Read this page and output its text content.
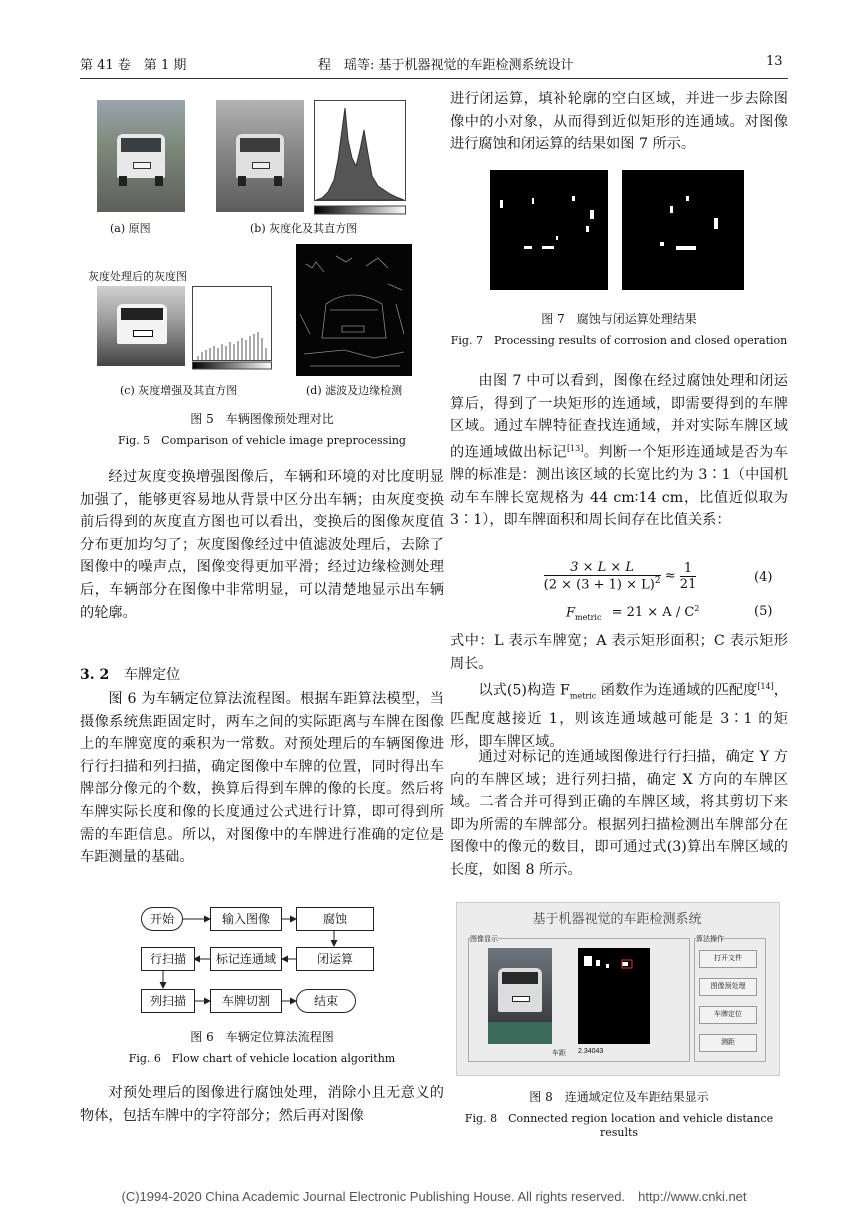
第 41 卷　第 1 期	程　瑶等: 基于机器视觉的车距检测系统设计	13
(a) 原图	(b) 灰度化及其直方图
灰度处理后的灰度图
(c) 灰度增强及其直方图	(d) 滤波及边缘检测
图 5　车辆图像预处理对比
Fig. 5　Comparison of vehicle image preprocessing

经过灰度变换增强图像后，车辆和环境的对比度明显加强了，能够更容易地从背景中区分出车辆；由灰度变换前后得到的灰度直方图也可以看出，变换后的图像灰度值分布更加均匀了；灰度图像经过中值滤波处理后，去除了图像中的噪声点，图像变得更加平滑；经过边缘检测处理后，车辆部分在图像中非常明显，可以清楚地显示出车辆的轮廓。

3. 2 车牌定位

图 6 为车辆定位算法流程图。根据车距算法模型，当摄像系统焦距固定时，两车之间的实际距离与车牌在图像上的车牌宽度的乘积为一常数。对预处理后的车辆图像进行行扫描和列扫描，确定图像中车牌的位置，同时得出车牌部分像元的个数，换算后得到车牌的像的长度。然后将车牌实际长度和像的长度通过公式进行计算，即可得到所需的车距信息。所以，对图像中的车牌进行准确的定位是车距测量的基础。

开始	输入图像	腐蚀
行扫描	标记连通域	闭运算
列扫描	车牌切割	结束
图 6　车辆定位算法流程图
Fig. 6　Flow chart of vehicle location algorithm

对预处理后的图像进行腐蚀处理，消除小且无意义的物体，包括车牌中的字符部分；然后再对图像

进行闭运算，填补轮廓的空白区域，并进一步去除图像中的小对象，从而得到近似矩形的连通域。对图像进行腐蚀和闭运算的结果如图 7 所示。

图 7　腐蚀与闭运算处理结果
Fig. 7　Processing results of corrosion and closed operation

由图 7 中可以看到，图像在经过腐蚀处理和闭运算后，得到了一块矩形的连通域，即需要得到的车牌区域。通过车牌特征查找连通域，并对实际车牌区域的连通域做出标记[13]。判断一个矩形连通域是否为车牌的标准是：测出该区域的长宽比约为 3∶1（中国机动车车牌长宽规格为 44 cm∶14 cm，比值近似取为 3∶1），即车牌面积和周长间存在比值关系：

$\frac{3 \times L \times L}{(2 \times (3 + 1) \times L)^2} \approx \frac{1}{21}$	(4)
$F_{metric} = 21 \times A / C^2$	(5)

式中：L 表示车牌宽；A 表示矩形面积；C 表示矩形周长。

以式(5)构造 $F_{metric}$ 函数作为连通域的匹配度[14]，匹配度越接近 1，则该连通域越可能是 3∶1 的矩形，即车牌区域。

通过对标记的连通域图像进行行扫描，确定 Y 方向的车牌区域；进行列扫描，确定 X 方向的车牌区域。二者合并可得到正确的车牌区域，将其剪切下来即为所需的车牌部分。根据列扫描检测出车牌部分在图像中的像元的数目，即可通过式(3)算出车牌区域的长度，如图 8 所示。

基于机器视觉的车距检测系统
图像显示
车距 2.34043
算法操作
打开文件
图像预处理
车牌定位
测距
图 8　连通域定位及车距结果显示
Fig. 8　Connected region location and vehicle distance results
(C)1994-2020 China Academic Journal Electronic Publishing House. All rights reserved.　http://www.cnki.net
